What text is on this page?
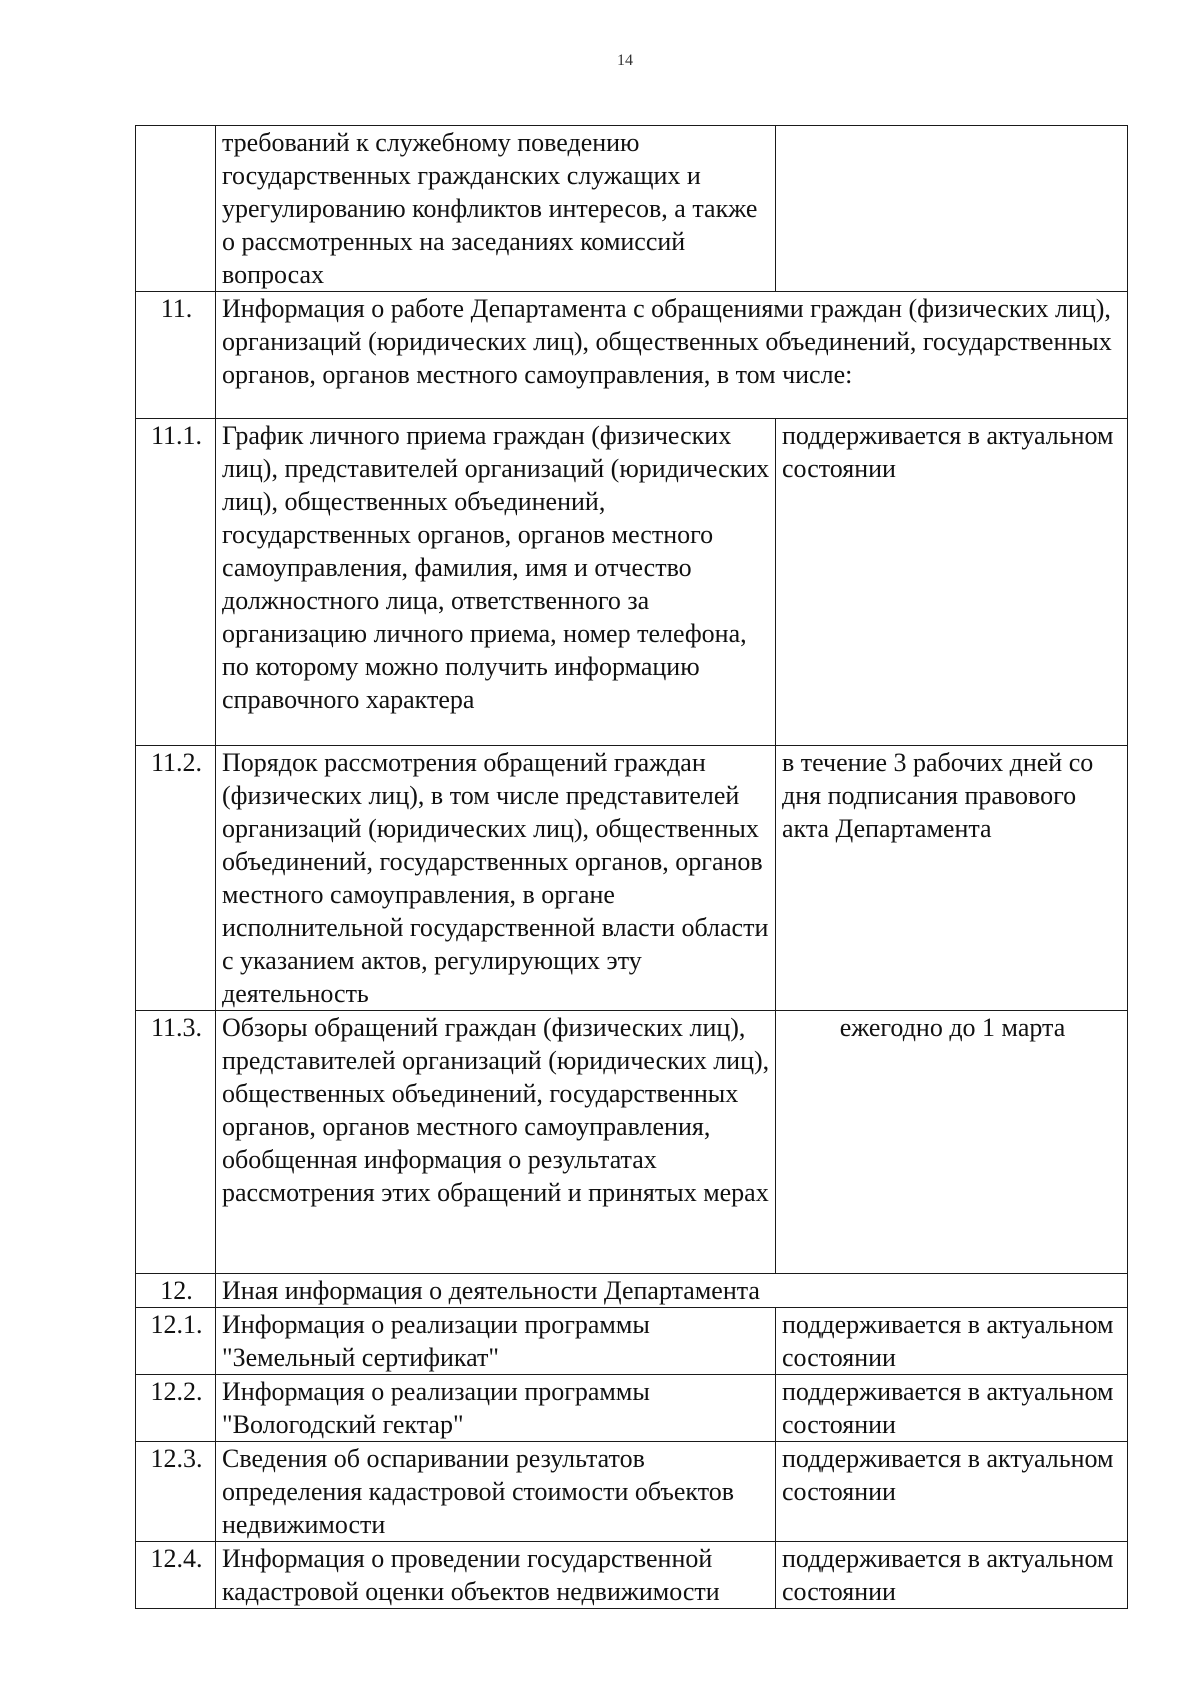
14
	требований к служебному поведению государственных гражданских служащих и урегулированию конфликтов интересов, а также о рассмотренных на заседаниях комиссий вопросах	
11.	Информация о работе Департамента с обращениями граждан (физических лиц), организаций (юридических лиц), общественных объединений, государственных органов, органов местного самоуправления, в том числе:	
11.1.	График личного приема граждан (физических лиц), представителей организаций (юридических лиц), общественных объединений, государственных органов, органов местного самоуправления, фамилия, имя и отчество должностного лица, ответственного за организацию личного приема, номер телефона, по которому можно получить информацию справочного характера	поддерживается в актуальном состоянии
11.2.	Порядок рассмотрения обращений граждан (физических лиц), в том числе представителей организаций (юридических лиц), общественных объединений, государственных органов, органов местного самоуправления, в органе исполнительной государственной власти области с указанием актов, регулирующих эту деятельность	в течение 3 рабочих дней со дня подписания правового акта Департамента
11.3.	Обзоры обращений граждан (физических лиц), представителей организаций (юридических лиц), общественных объединений, государственных органов, органов местного самоуправления, обобщенная информация о результатах рассмотрения этих обращений и принятых мерах	ежегодно до 1 марта
12.	Иная информация о деятельности Департамента	
12.1.	Информация о реализации программы "Земельный сертификат"	поддерживается в актуальном состоянии
12.2.	Информация о реализации программы "Вологодский гектар"	поддерживается в актуальном состоянии
12.3.	Сведения об оспаривании результатов определения кадастровой стоимости объектов недвижимости	поддерживается в актуальном состоянии
12.4.	Информация о проведении государственной кадастровой оценки объектов недвижимости	поддерживается в актуальном состоянии
